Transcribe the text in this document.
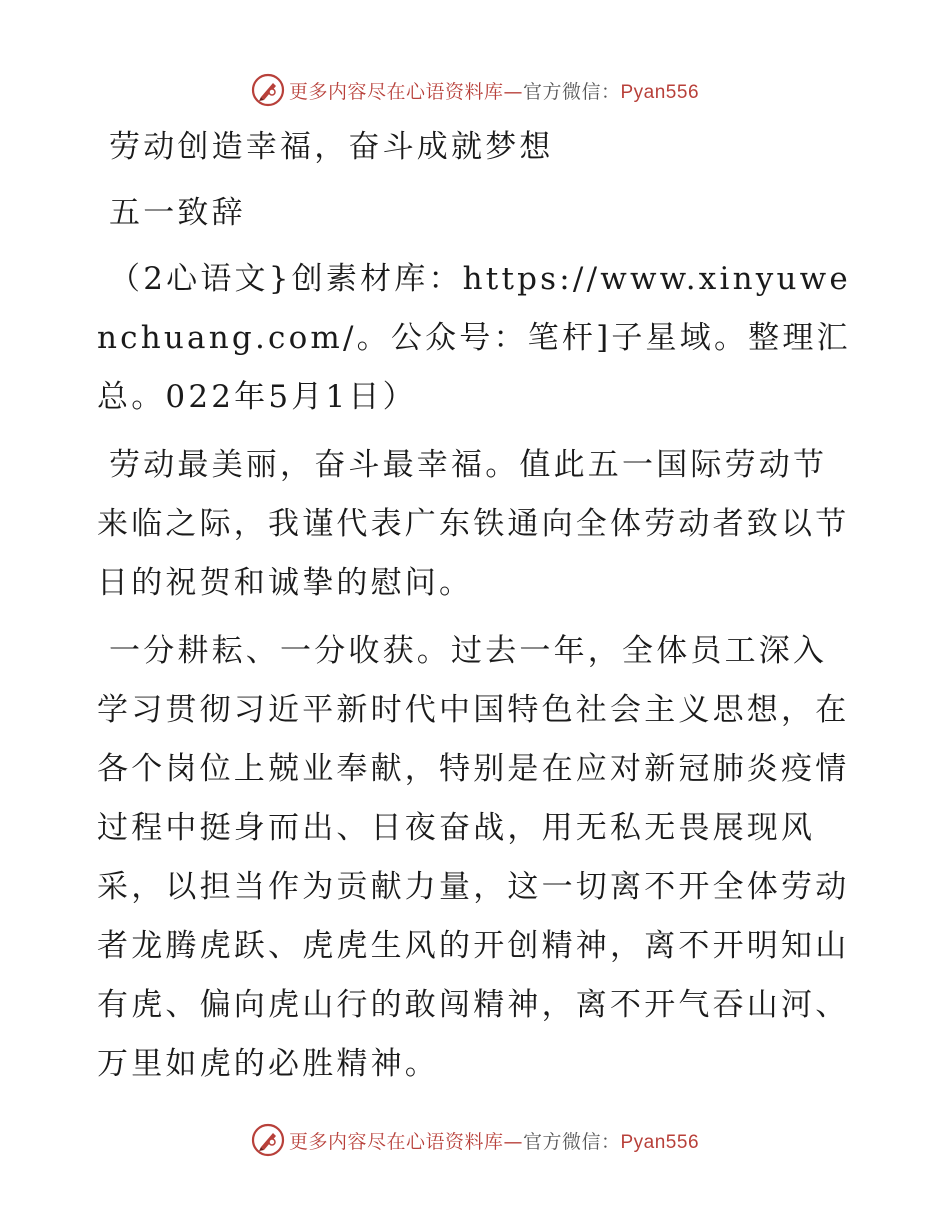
更多内容尽在心语资料库—官方微信：Pyan556

劳动创造幸福，奋斗成就梦想

五一致辞

（2心语文}创素材库：https://www.xinyuwenchuang.com/。公众号：笔杆]子星域。整理汇总。022年5月1日）

劳动最美丽，奋斗最幸福。值此五一国际劳动节来临之际，我谨代表广东铁通向全体劳动者致以节日的祝贺和诚挚的慰问。

一分耕耘、一分收获。过去一年，全体员工深入学习贯彻习近平新时代中国特色社会主义思想，在各个岗位上兢业奉献，特别是在应对新冠肺炎疫情过程中挺身而出、日夜奋战，用无私无畏展现风采，以担当作为贡献力量，这一切离不开全体劳动者龙腾虎跃、虎虎生风的开创精神，离不开明知山有虎、偏向虎山行的敢闯精神，离不开气吞山河、万里如虎的必胜精神。

更多内容尽在心语资料库—官方微信：Pyan556
